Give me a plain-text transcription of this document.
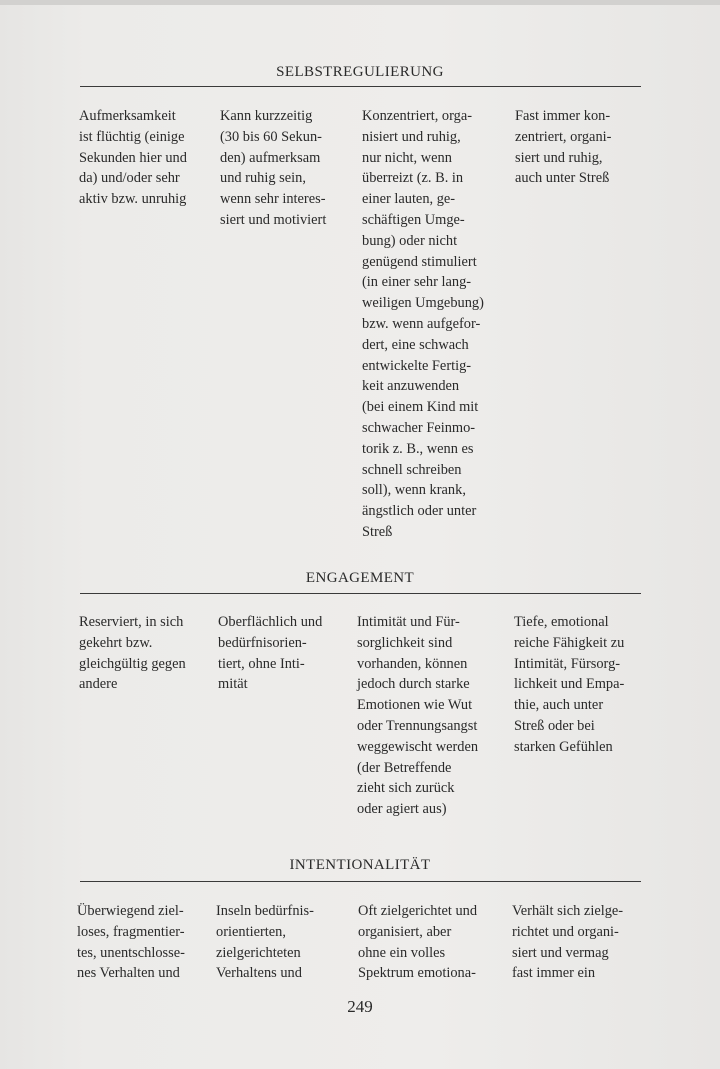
SELBSTREGULIERUNG
Aufmerksamkeit
ist flüchtig (einige
Sekunden hier und
da) und/oder sehr
aktiv bzw. unruhig
Kann kurzzeitig
(30 bis 60 Sekun-
den) aufmerksam
und ruhig sein,
wenn sehr interes-
siert und motiviert
Konzentriert, orga-
nisiert und ruhig,
nur nicht, wenn
überreizt (z. B. in
einer lauten, ge-
schäftigen Umge-
bung) oder nicht
genügend stimuliert
(in einer sehr lang-
weiligen Umgebung)
bzw. wenn aufgefor-
dert, eine schwach
entwickelte Fertig-
keit anzuwenden
(bei einem Kind mit
schwacher Feinmo-
torik z. B., wenn es
schnell schreiben
soll), wenn krank,
ängstlich oder unter
Streß
Fast immer kon-
zentriert, organi-
siert und ruhig,
auch unter Streß
ENGAGEMENT
Reserviert, in sich
gekehrt bzw.
gleichgültig gegen
andere
Oberflächlich und
bedürfnisorien-
tiert, ohne Inti-
mität
Intimität und Für-
sorglichkeit sind
vorhanden, können
jedoch durch starke
Emotionen wie Wut
oder Trennungsangst
weggewischt werden
(der Betreffende
zieht sich zurück
oder agiert aus)
Tiefe, emotional
reiche Fähigkeit zu
Intimität, Fürsorg-
lichkeit und Empa-
thie, auch unter
Streß oder bei
starken Gefühlen
INTENTIONALITÄT
Überwiegend ziel-
loses, fragmentier-
tes, unentschlosse-
nes Verhalten und
Inseln bedürfnis-
orientierten,
zielgerichteten
Verhaltens und
Oft zielgerichtet und
organisiert, aber
ohne ein volles
Spektrum emotiona-
Verhält sich zielge-
richtet und organi-
siert und vermag
fast immer ein
249
